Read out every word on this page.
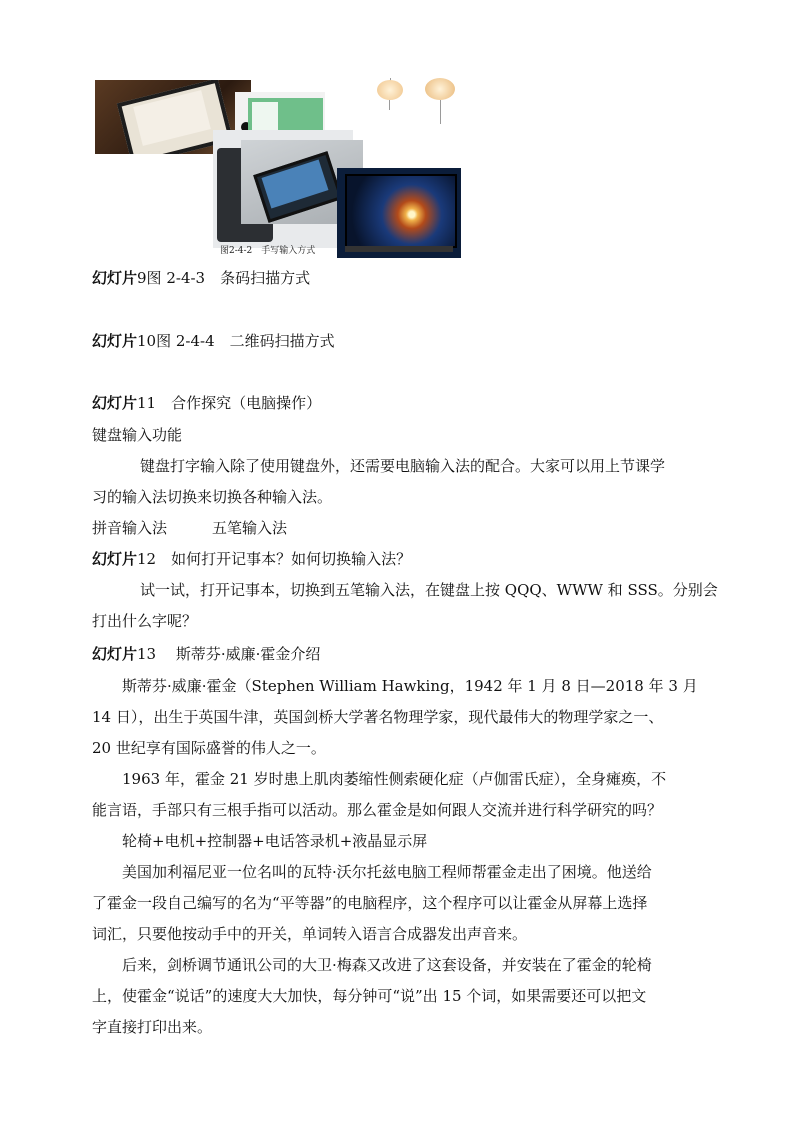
图2-4-2　手写输入方式
幻灯片9图 2-4-3　条码扫描方式
幻灯片10图 2-4-4　二维码扫描方式
幻灯片11　合作探究（电脑操作）
键盘输入功能
键盘打字输入除了使用键盘外，还需要电脑输入法的配合。大家可以用上节课学
习的输入法切换来切换各种输入法。
拼音输入法　　　五笔输入法
幻灯片12　如何打开记事本？如何切换输入法？
试一试，打开记事本，切换到五笔输入法，在键盘上按 QQQ、WWW 和 SSS。分别会
打出什么字呢？
幻灯片13　 斯蒂芬·威廉·霍金介绍
斯蒂芬·威廉·霍金（Stephen William Hawking，1942 年 1 月 8 日—2018 年 3 月
14 日），出生于英国牛津，英国剑桥大学著名物理学家，现代最伟大的物理学家之一、
20 世纪享有国际盛誉的伟人之一。
1963 年，霍金 21 岁时患上肌肉萎缩性侧索硬化症（卢伽雷氏症），全身瘫痪，不
能言语，手部只有三根手指可以活动。那么霍金是如何跟人交流并进行科学研究的吗？
轮椅+电机+控制器+电话答录机+液晶显示屏
美国加利福尼亚一位名叫的瓦特·沃尔托兹电脑工程师帮霍金走出了困境。他送给
了霍金一段自己编写的名为“平等器”的电脑程序，这个程序可以让霍金从屏幕上选择
词汇，只要他按动手中的开关，单词转入语言合成器发出声音来。
后来，剑桥调节通讯公司的大卫·梅森又改进了这套设备，并安装在了霍金的轮椅
上，使霍金“说话”的速度大大加快，每分钟可“说”出 15 个词，如果需要还可以把文
字直接打印出来。
